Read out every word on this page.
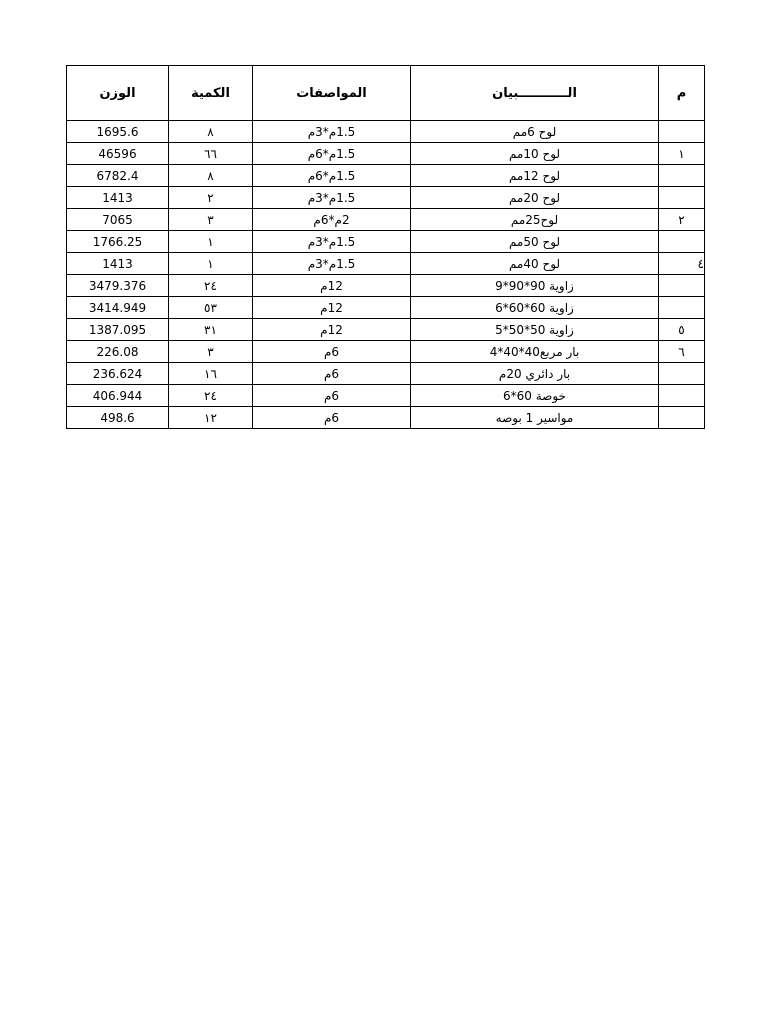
الوزن	الكمية	المواصفات	الـــــــــــبيان	م
1695.6	٨	1.5م*3م	لوح 6مم	
46596	٦٦	1.5م*6م	لوح 10مم	١
6782.4	٨	1.5م*6م	لوح 12مم	
1413	٢	1.5م*3م	لوح 20مم	
7065	٣	2م*6م	لوح25مم	٢
1766.25	١	1.5م*3م	لوح 50مم	
1413	١	1.5م*3م	لوح 40مم	٤
3479.376	٢٤	12م	زاوية 90*90*9	
3414.949	٥٣	12م	زاوية 60*60*6	
1387.095	٣١	12م	زاوية 50*50*5	٥
226.08	٣	6م	بار مربع40*40*4	٦
236.624	١٦	6م	بار دائري 20م	
406.944	٢٤	6م	خوصة 60*6	
498.6	١٢	6م	مواسير 1 بوصه	
